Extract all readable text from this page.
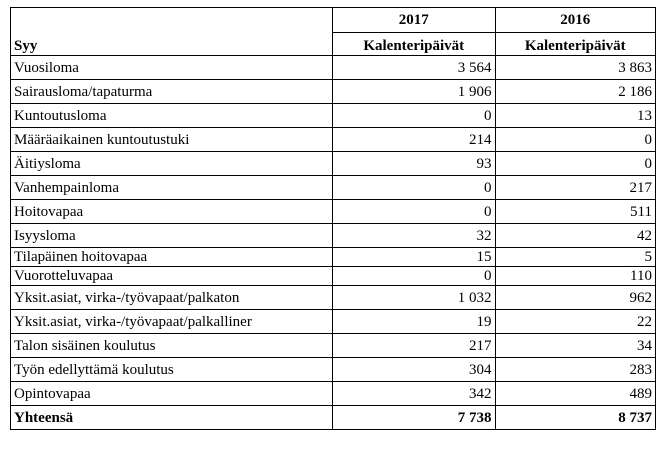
	2017	2016
Syy	Kalenteripäivät	Kalenteripäivät
Vuosiloma	3 564	3 863
Sairausloma/tapaturma	1 906	2 186
Kuntoutusloma	0	13
Määräaikainen kuntoutustuki	214	0
Äitiysloma	93	0
Vanhempainloma	0	217
Hoitovapaa	0	511
Isyysloma	32	42
Tilapäinen hoitovapaa	15	5
Vuorotteluvapaa	0	110
Yksit.asiat, virka-/työvapaat/palkaton	1 032	962
Yksit.asiat, virka-/työvapaat/palkalliner	19	22
Talon sisäinen koulutus	217	34
Työn edellyttämä koulutus	304	283
Opintovapaa	342	489
Yhteensä	7 738	8 737
